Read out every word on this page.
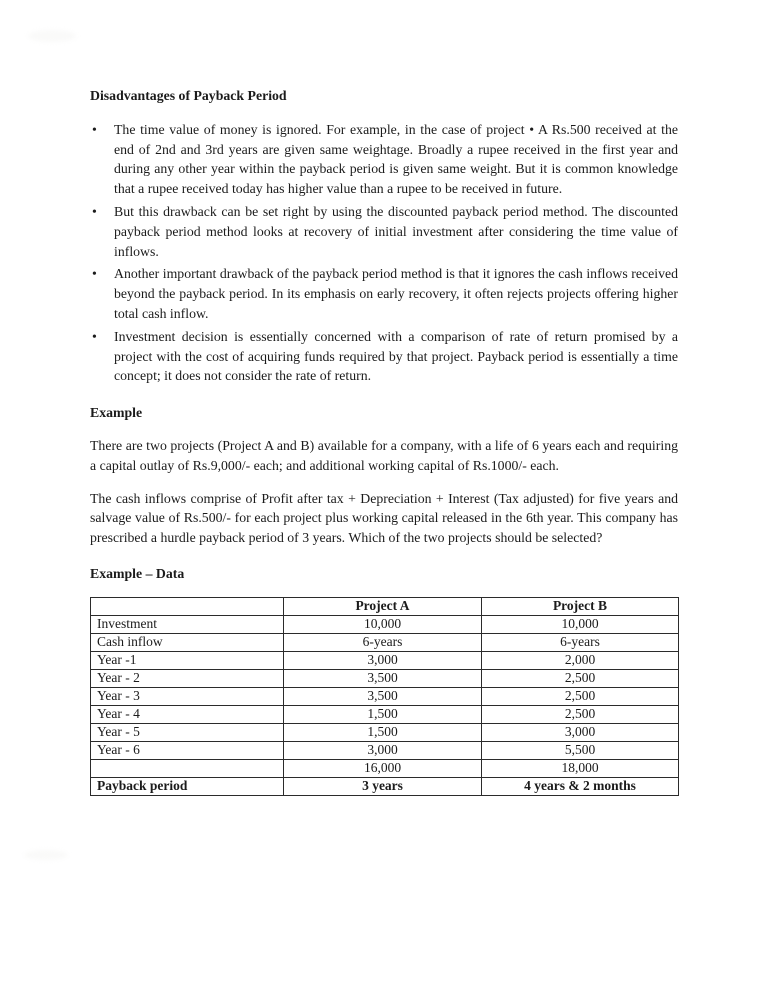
Disadvantages of Payback Period
• The time value of money is ignored. For example, in the case of project • A Rs.500 received at the end of 2nd and 3rd years are given same weightage. Broadly a rupee received in the first year and during any other year within the payback period is given same weight. But it is common knowledge that a rupee received today has higher value than a rupee to be received in future.
• But this drawback can be set right by using the discounted payback period method. The discounted payback period method looks at recovery of initial investment after considering the time value of inflows.
• Another important drawback of the payback period method is that it ignores the cash inflows received beyond the payback period. In its emphasis on early recovery, it often rejects projects offering higher total cash inflow.
• Investment decision is essentially concerned with a comparison of rate of return promised by a project with the cost of acquiring funds required by that project. Payback period is essentially a time concept; it does not consider the rate of return.
Example

There are two projects (Project A and B) available for a company, with a life of 6 years each and requiring a capital outlay of Rs.9,000/- each; and additional working capital of Rs.1000/- each.

The cash inflows comprise of Profit after tax + Depreciation + Interest (Tax adjusted) for five years and salvage value of Rs.500/- for each project plus working capital released in the 6th year. This company has prescribed a hurdle payback period of 3 years. Which of the two projects should be selected?

Example – Data
	Project A	Project B
Investment	10,000	10,000
Cash inflow	6-years	6-years
Year -1	3,000	2,000
Year - 2	3,500	2,500
Year - 3	3,500	2,500
Year - 4	1,500	2,500
Year - 5	1,500	3,000
Year - 6	3,000	5,500
	16,000	18,000
Payback period	3 years	4 years & 2 months
